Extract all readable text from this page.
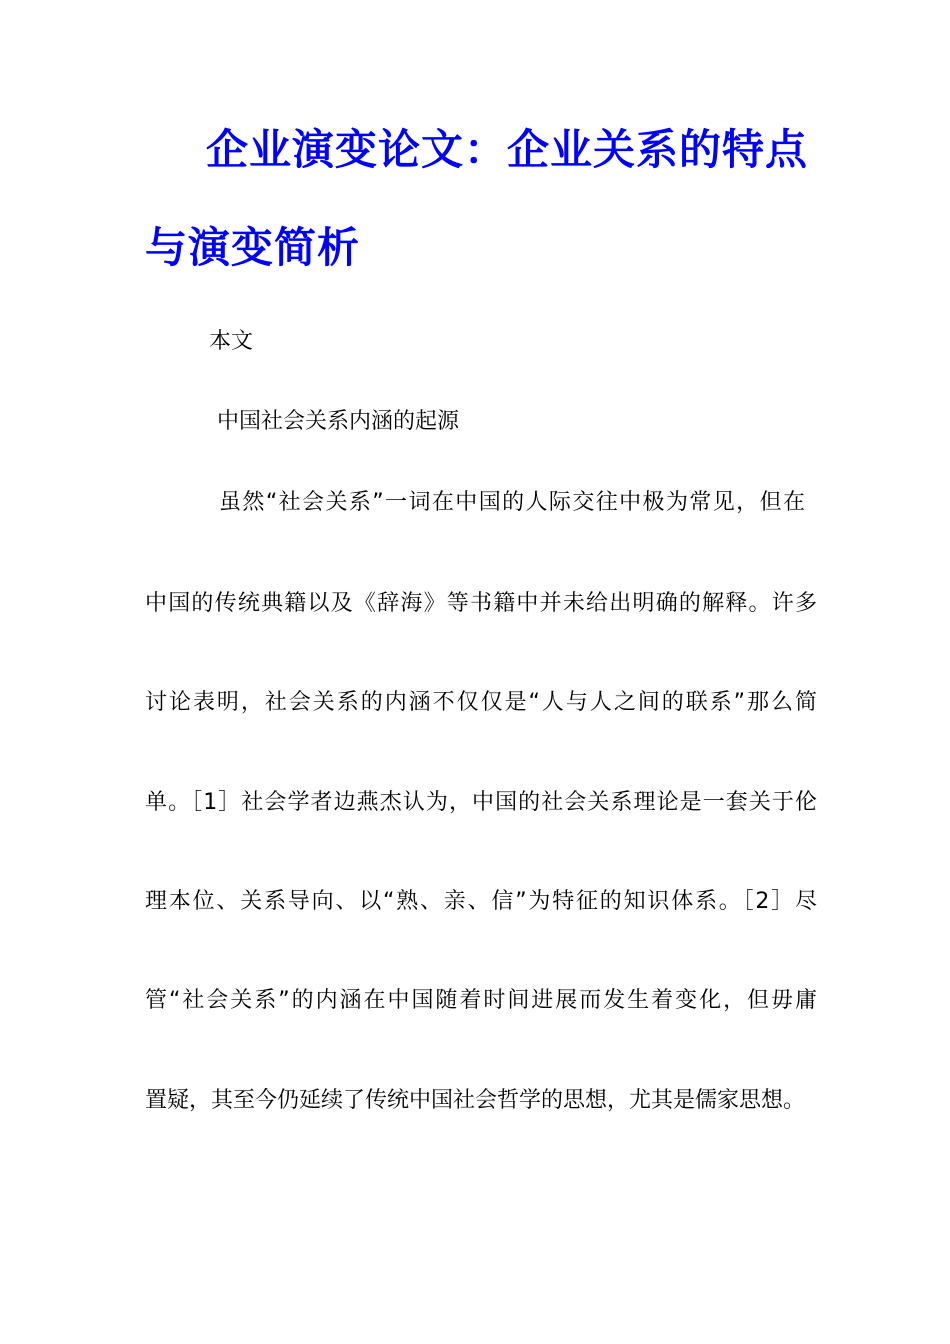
企业演变论文：企业关系的特点
与演变简析
本文
中国社会关系内涵的起源
虽然“社会关系”一词在中国的人际交往中极为常见，但在
中国的传统典籍以及《辞海》等书籍中并未给出明确的解释。许多
讨论表明，社会关系的内涵不仅仅是“人与人之间的联系”那么简
单。［1］社会学者边燕杰认为，中国的社会关系理论是一套关于伦
理本位、关系导向、以“熟、亲、信”为特征的知识体系。［2］尽
管“社会关系”的内涵在中国随着时间进展而发生着变化，但毋庸
置疑，其至今仍延续了传统中国社会哲学的思想，尤其是儒家思想。
